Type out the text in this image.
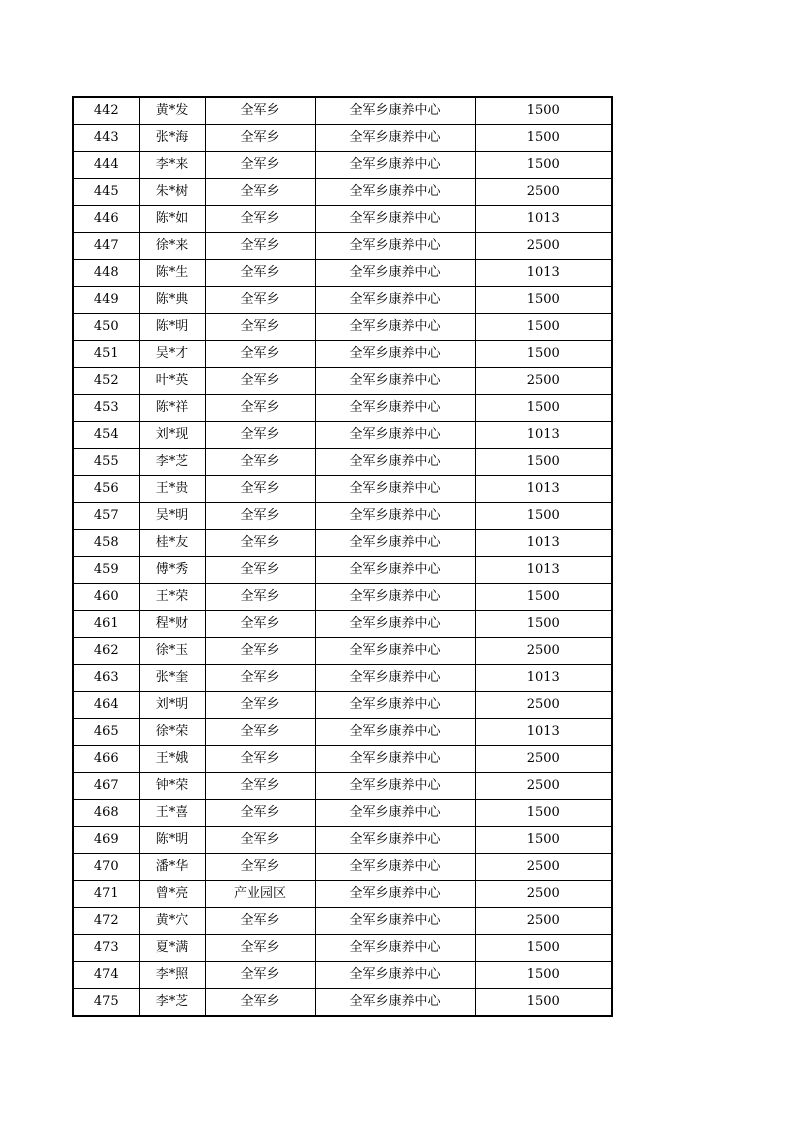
442	黄*发	全军乡	全军乡康养中心	1500
443	张*海	全军乡	全军乡康养中心	1500
444	李*来	全军乡	全军乡康养中心	1500
445	朱*树	全军乡	全军乡康养中心	2500
446	陈*如	全军乡	全军乡康养中心	1013
447	徐*来	全军乡	全军乡康养中心	2500
448	陈*生	全军乡	全军乡康养中心	1013
449	陈*典	全军乡	全军乡康养中心	1500
450	陈*明	全军乡	全军乡康养中心	1500
451	吴*才	全军乡	全军乡康养中心	1500
452	叶*英	全军乡	全军乡康养中心	2500
453	陈*祥	全军乡	全军乡康养中心	1500
454	刘*现	全军乡	全军乡康养中心	1013
455	李*芝	全军乡	全军乡康养中心	1500
456	王*贵	全军乡	全军乡康养中心	1013
457	吴*明	全军乡	全军乡康养中心	1500
458	桂*友	全军乡	全军乡康养中心	1013
459	傅*秀	全军乡	全军乡康养中心	1013
460	王*荣	全军乡	全军乡康养中心	1500
461	程*财	全军乡	全军乡康养中心	1500
462	徐*玉	全军乡	全军乡康养中心	2500
463	张*奎	全军乡	全军乡康养中心	1013
464	刘*明	全军乡	全军乡康养中心	2500
465	徐*荣	全军乡	全军乡康养中心	1013
466	王*娥	全军乡	全军乡康养中心	2500
467	钟*荣	全军乡	全军乡康养中心	2500
468	王*喜	全军乡	全军乡康养中心	1500
469	陈*明	全军乡	全军乡康养中心	1500
470	潘*华	全军乡	全军乡康养中心	2500
471	曾*亮	产业园区	全军乡康养中心	2500
472	黄*穴	全军乡	全军乡康养中心	2500
473	夏*满	全军乡	全军乡康养中心	1500
474	李*照	全军乡	全军乡康养中心	1500
475	李*芝	全军乡	全军乡康养中心	1500
